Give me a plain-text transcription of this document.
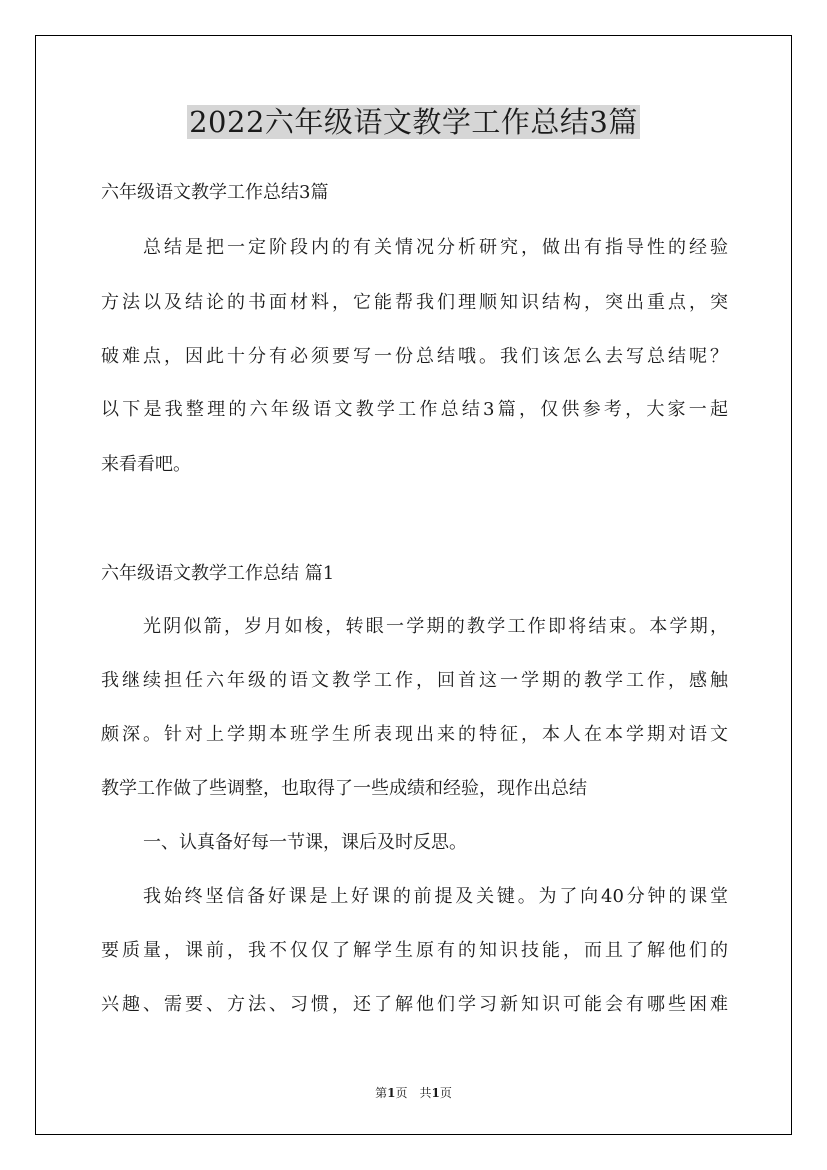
2022六年级语文教学工作总结3篇

六年级语文教学工作总结3篇

总结是把一定阶段内的有关情况分析研究，做出有指导性的经验

方法以及结论的书面材料，它能帮我们理顺知识结构，突出重点，突

破难点，因此十分有必须要写一份总结哦。我们该怎么去写总结呢？

以下是我整理的六年级语文教学工作总结3篇，仅供参考，大家一起

来看看吧。

六年级语文教学工作总结 篇1

光阴似箭，岁月如梭，转眼一学期的教学工作即将结束。本学期，

我继续担任六年级的语文教学工作，回首这一学期的教学工作，感触

颇深。针对上学期本班学生所表现出来的特征，本人在本学期对语文

教学工作做了些调整，也取得了一些成绩和经验，现作出总结

一、认真备好每一节课，课后及时反思。

我始终坚信备好课是上好课的前提及关键。为了向40分钟的课堂

要质量，课前，我不仅仅了解学生原有的知识技能，而且了解他们的

兴趣、需要、方法、习惯，还了解他们学习新知识可能会有哪些困难

第1页　共1页
